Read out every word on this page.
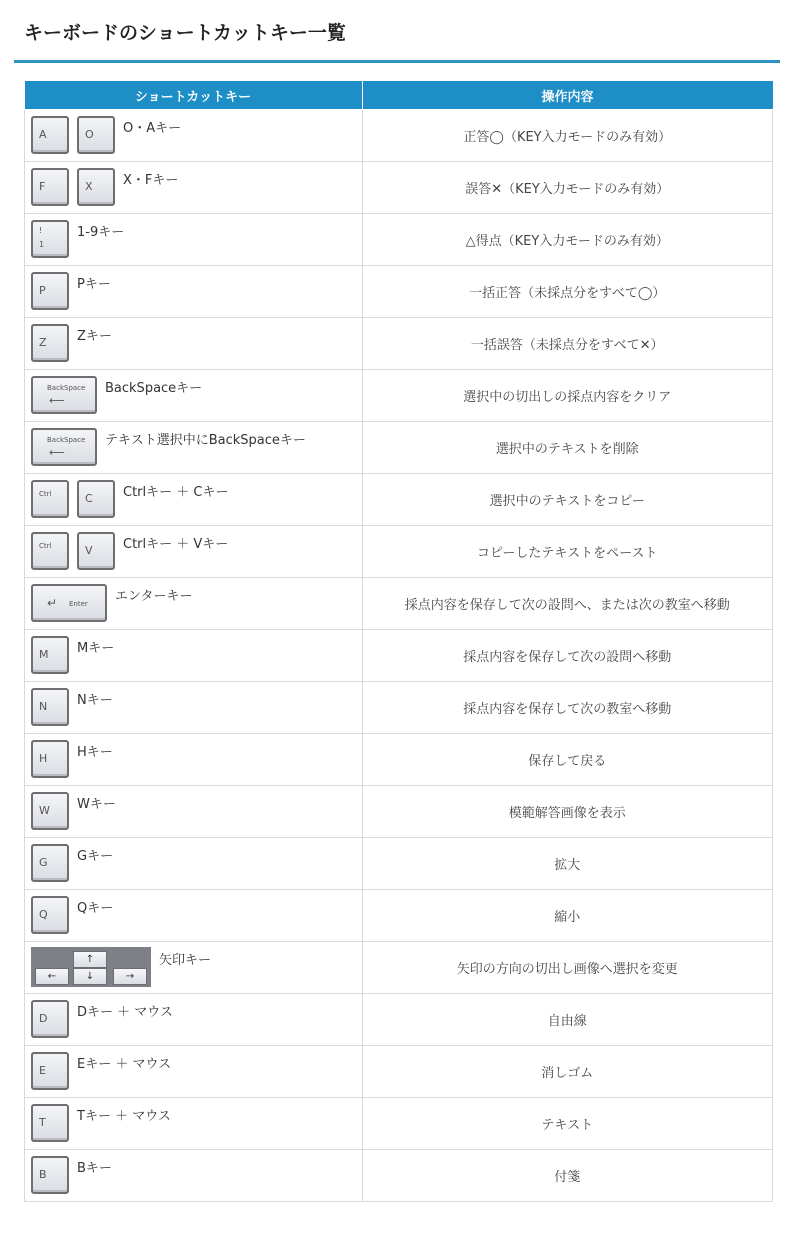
キーボードのショートカットキー一覧
ショートカットキー	操作内容

A O O・Aキー	正答◯（KEY入力モードのみ有効）

F X X・Fキー	誤答✕（KEY入力モードのみ有効）

!
1
1-9キー	△得点（KEY入力モードのみ有効）

P Pキー	一括正答（未採点分をすべて◯）

Z Zキー	一括誤答（未採点分をすべて✕）

BackSpace
⟵
BackSpaceキー	選択中の切出しの採点内容をクリア

BackSpace
⟵
テキスト選択中にBackSpaceキー	選択中のテキストを削除

Ctrl C Ctrlキー ＋ Cキー	選択中のテキストをコピー

Ctrl V Ctrlキー ＋ Vキー	コピーしたテキストをペースト

↵ Enter エンターキー	採点内容を保存して次の設問へ、または次の教室へ移動

M Mキー	採点内容を保存して次の設問へ移動

N Nキー	採点内容を保存して次の教室へ移動

H Hキー	保存して戻る

W Wキー	模範解答画像を表示

G Gキー	拡大

Q Qキー	縮小

↑
← ↓ →
矢印キー	矢印の方向の切出し画像へ選択を変更

D Dキー ＋ マウス	自由線

E Eキー ＋ マウス	消しゴム

T Tキー ＋ マウス	テキスト

B Bキー	付箋
